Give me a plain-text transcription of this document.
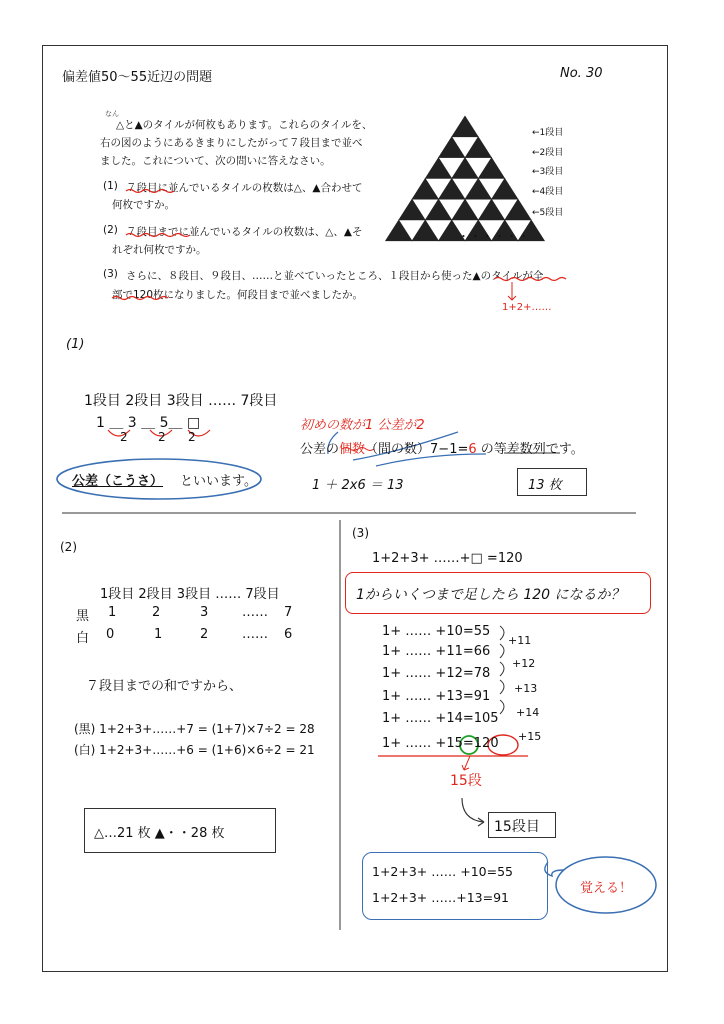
偏差値50〜55近辺の問題	No. 30
なん
△と▲のタイルが何枚もあります。これらのタイルを、
右の図のようにあるきまりにしたがって７段目まで並べ
ました。これについて、次の問いに答えなさい。
(1) ７段目に並んでいるタイルの枚数は△、▲合わせて
何枚ですか。
(2) ７段目までに並んでいるタイルの枚数は、△、▲そ
れぞれ何枚ですか。
(3) さらに、８段目、９段目、……と並べていったところ、１段目から使った▲のタイルが全
部で120枚になりました。何段目まで並べましたか。
1+2+……
・・・・・・
←1段目
←2段目
←3段目
←4段目
←5段目
(1)
1段目 2段目 3段目 …… 7段目
1 ＿ 3 ＿ 5＿ □
2	2 2
公差（こうさ） といいます。
初めの数が1 公差が2
公差の個数（間の数）7−1=6 の等差数列です。
1 ＋ 2x6 ＝ 13	13 枚
(2)
1段目 2段目 3段目 …… 7段目
黒 1	2	3	…… 7
白 0	1	2	…… 6
７段目までの和ですから、
(黒) 1+2+3+……+7 = (1+7)×7÷2 = 28
(白) 1+2+3+……+6 = (1+6)×6÷2 = 21
△…21 枚 ▲・・28 枚
(3)
1+2+3+ ……+□ =120
1からいくつまで足したら 120 になるか？
1+ …… +10=55
1+ …… +11=66
1+ …… +12=78
1+ …… +13=91
1+ …… +14=105
1+ …… +15=120
+11
+12
+13
+14
+15
15段
15段目
1+2+3+ …… +10=55
1+2+3+ ……+13=91
覚える！
